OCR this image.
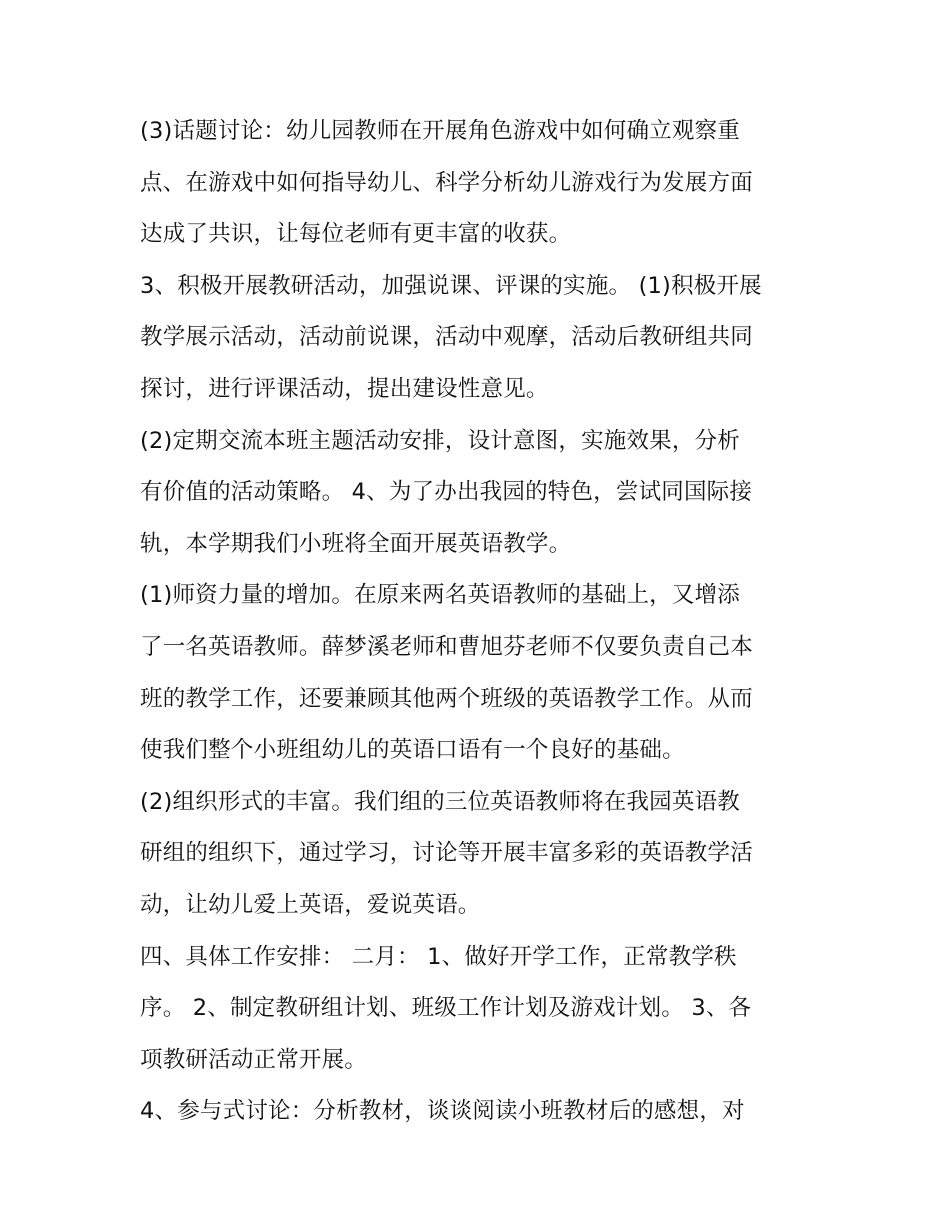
(3)话题讨论：幼儿园教师在开展角色游戏中如何确立观察重
点、在游戏中如何指导幼儿、科学分析幼儿游戏行为发展方面
达成了共识，让每位老师有更丰富的收获。
3、积极开展教研活动，加强说课、评课的实施。 (1)积极开展
教学展示活动，活动前说课，活动中观摩，活动后教研组共同
探讨，进行评课活动，提出建设性意见。
(2)定期交流本班主题活动安排，设计意图，实施效果，分析
有价值的活动策略。 4、为了办出我园的特色，尝试同国际接
轨，本学期我们小班将全面开展英语教学。
(1)师资力量的增加。在原来两名英语教师的基础上，又增添
了一名英语教师。薛梦溪老师和曹旭芬老师不仅要负责自己本
班的教学工作，还要兼顾其他两个班级的英语教学工作。从而
使我们整个小班组幼儿的英语口语有一个良好的基础。
(2)组织形式的丰富。我们组的三位英语教师将在我园英语教
研组的组织下，通过学习，讨论等开展丰富多彩的英语教学活
动，让幼儿爱上英语，爱说英语。
四、具体工作安排： 二月： 1、做好开学工作，正常教学秩
序。 2、制定教研组计划、班级工作计划及游戏计划。 3、各
项教研活动正常开展。
4、参与式讨论：分析教材，谈谈阅读小班教材后的感想，对
